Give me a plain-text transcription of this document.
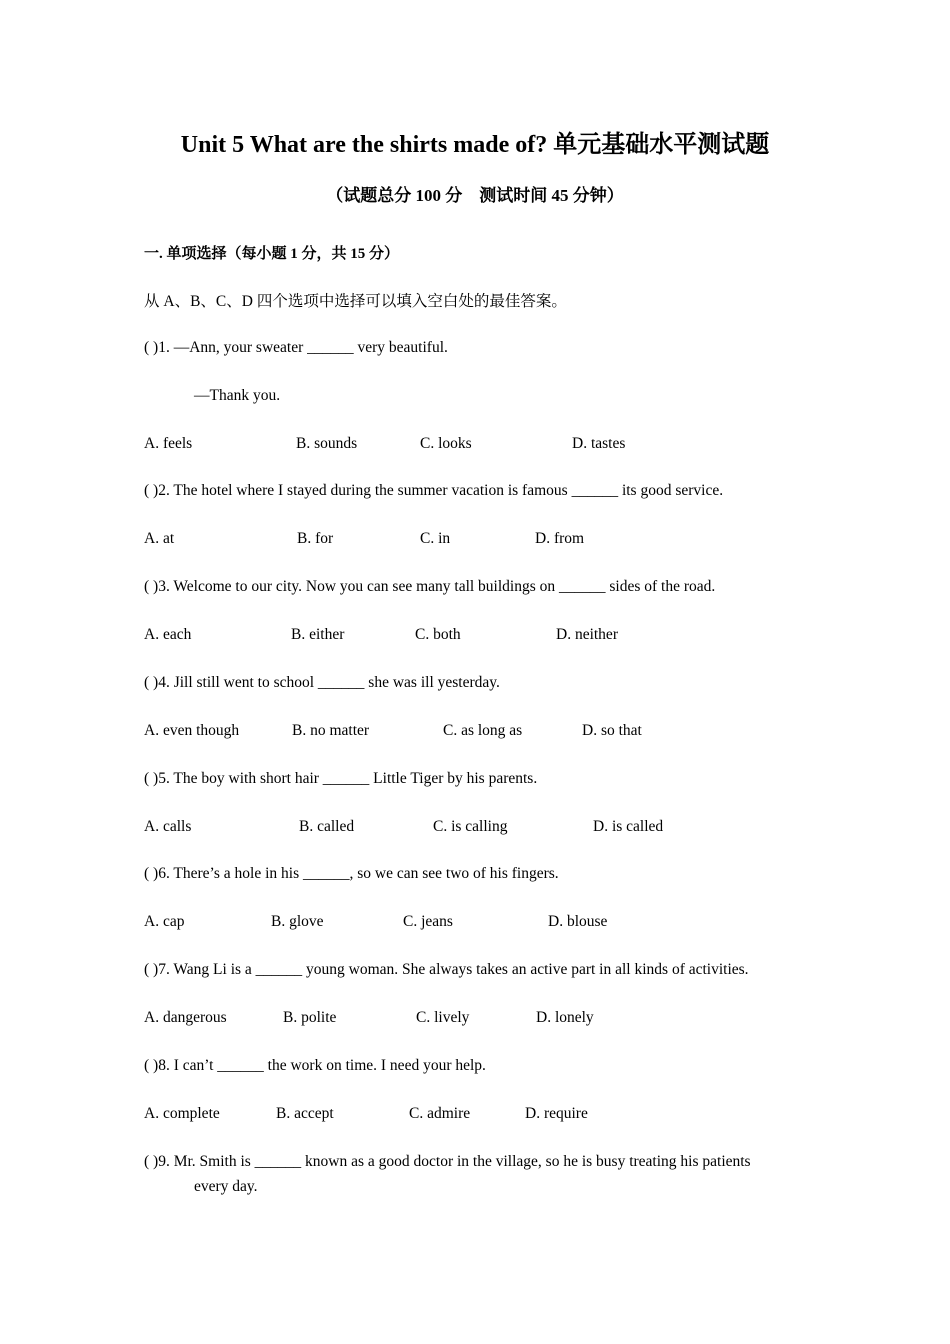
Unit 5 What are the shirts made of? 单元基础水平测试题
（试题总分 100 分　测试时间 45 分钟）
一. 单项选择（每小题 1 分，共 15 分）
从 A、B、C、D 四个选项中选择可以填入空白处的最佳答案。
( )1. —Ann, your sweater ______ very beautiful.
—Thank you.
A. feels	B. sounds	C. looks	D. tastes
( )2. The hotel where I stayed during the summer vacation is famous ______ its good service.
A. at	B. for	C. in	D. from
( )3. Welcome to our city. Now you can see many tall buildings on ______ sides of the road.
A. each	B. either	C. both	D. neither
( )4. Jill still went to school ______ she was ill yesterday.
A. even though	B. no matter	C. as long as	D. so that
( )5. The boy with short hair ______ Little Tiger by his parents.
A. calls	B. called	C. is calling	D. is called
( )6. There’s a hole in his ______, so we can see two of his fingers.
A. cap	B. glove	C. jeans	D. blouse
( )7. Wang Li is a ______ young woman. She always takes an active part in all kinds of activities.
A. dangerous	B. polite	C. lively	D. lonely
( )8. I can’t ______ the work on time. I need your help.
A. complete	B. accept	C. admire	D. require
( )9. Mr. Smith is ______ known as a good doctor in the village, so he is busy treating his patients
every day.
